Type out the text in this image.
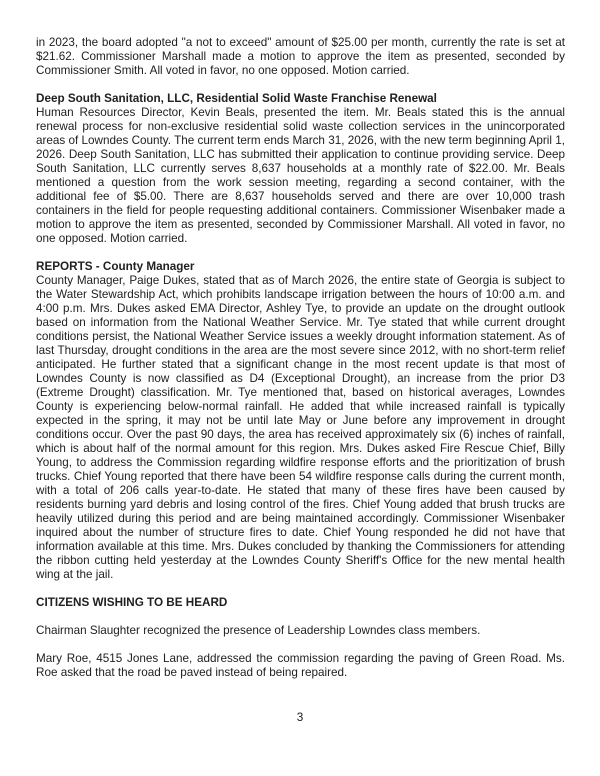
in 2023, the board adopted "a not to exceed" amount of $25.00 per month, currently the rate is set at $21.62. Commissioner Marshall made a motion to approve the item as presented, seconded by Commissioner Smith. All voted in favor, no one opposed. Motion carried.

Deep South Sanitation, LLC, Residential Solid Waste Franchise Renewal

Human Resources Director, Kevin Beals, presented the item. Mr. Beals stated this is the annual renewal process for non-exclusive residential solid waste collection services in the unincorporated areas of Lowndes County. The current term ends March 31, 2026, with the new term beginning April 1, 2026. Deep South Sanitation, LLC has submitted their application to continue providing service. Deep South Sanitation, LLC currently serves 8,637 households at a monthly rate of $22.00. Mr. Beals mentioned a question from the work session meeting, regarding a second container, with the additional fee of $5.00. There are 8,637 households served and there are over 10,000 trash containers in the field for people requesting additional containers. Commissioner Wisenbaker made a motion to approve the item as presented, seconded by Commissioner Marshall. All voted in favor, no one opposed. Motion carried.

REPORTS - County Manager

County Manager, Paige Dukes, stated that as of March 2026, the entire state of Georgia is subject to the Water Stewardship Act, which prohibits landscape irrigation between the hours of 10:00 a.m. and 4:00 p.m. Mrs. Dukes asked EMA Director, Ashley Tye, to provide an update on the drought outlook based on information from the National Weather Service. Mr. Tye stated that while current drought conditions persist, the National Weather Service issues a weekly drought information statement. As of last Thursday, drought conditions in the area are the most severe since 2012, with no short-term relief anticipated. He further stated that a significant change in the most recent update is that most of Lowndes County is now classified as D4 (Exceptional Drought), an increase from the prior D3 (Extreme Drought) classification. Mr. Tye mentioned that, based on historical averages, Lowndes County is experiencing below-normal rainfall. He added that while increased rainfall is typically expected in the spring, it may not be until late May or June before any improvement in drought conditions occur. Over the past 90 days, the area has received approximately six (6) inches of rainfall, which is about half of the normal amount for this region. Mrs. Dukes asked Fire Rescue Chief, Billy Young, to address the Commission regarding wildfire response efforts and the prioritization of brush trucks. Chief Young reported that there have been 54 wildfire response calls during the current month, with a total of 206 calls year-to-date. He stated that many of these fires have been caused by residents burning yard debris and losing control of the fires. Chief Young added that brush trucks are heavily utilized during this period and are being maintained accordingly. Commissioner Wisenbaker inquired about the number of structure fires to date. Chief Young responded he did not have that information available at this time. Mrs. Dukes concluded by thanking the Commissioners for attending the ribbon cutting held yesterday at the Lowndes County Sheriff's Office for the new mental health wing at the jail.

CITIZENS WISHING TO BE HEARD

Chairman Slaughter recognized the presence of Leadership Lowndes class members.

Mary Roe, 4515 Jones Lane, addressed the commission regarding the paving of Green Road. Ms. Roe asked that the road be paved instead of being repaired.

3
